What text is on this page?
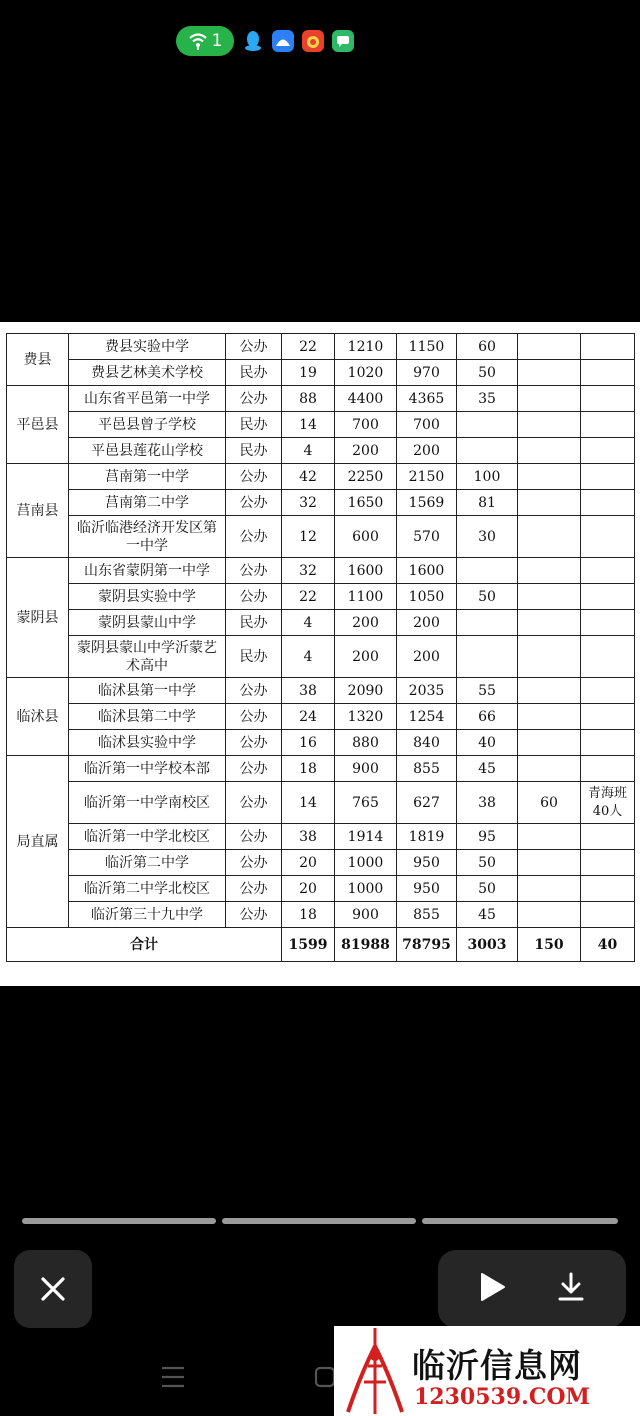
1
费县	费县实验中学	公办	22	1210	1150	60		
	费县艺林美术学校	民办	19	1020	970	50		
平邑县	山东省平邑第一中学	公办	88	4400	4365	35		
	平邑县曾子学校	民办	14	700	700			
	平邑县莲花山学校	民办	4	200	200			
莒南县	莒南第一中学	公办	42	2250	2150	100		
	莒南第二中学	公办	32	1650	1569	81		
	临沂临港经济开发区第一中学	公办	12	600	570	30		
蒙阴县	山东省蒙阴第一中学	公办	32	1600	1600			
	蒙阴县实验中学	公办	22	1100	1050	50		
	蒙阴县蒙山中学	民办	4	200	200			
	蒙阴县蒙山中学沂蒙艺术高中	民办	4	200	200			
临沭县	临沭县第一中学	公办	38	2090	2035	55		
	临沭县第二中学	公办	24	1320	1254	66		
	临沭县实验中学	公办	16	880	840	40		
局直属	临沂第一中学校本部	公办	18	900	855	45		
	临沂第一中学南校区	公办	14	765	627	38	60	青海班40人
	临沂第一中学北校区	公办	38	1914	1819	95		
	临沂第二中学	公办	20	1000	950	50		
	临沂第二中学北校区	公办	20	1000	950	50		
	临沂第三十九中学	公办	18	900	855	45		
合计			1599	81988	78795	3003	150	40
临沂信息网
1230539.COM
